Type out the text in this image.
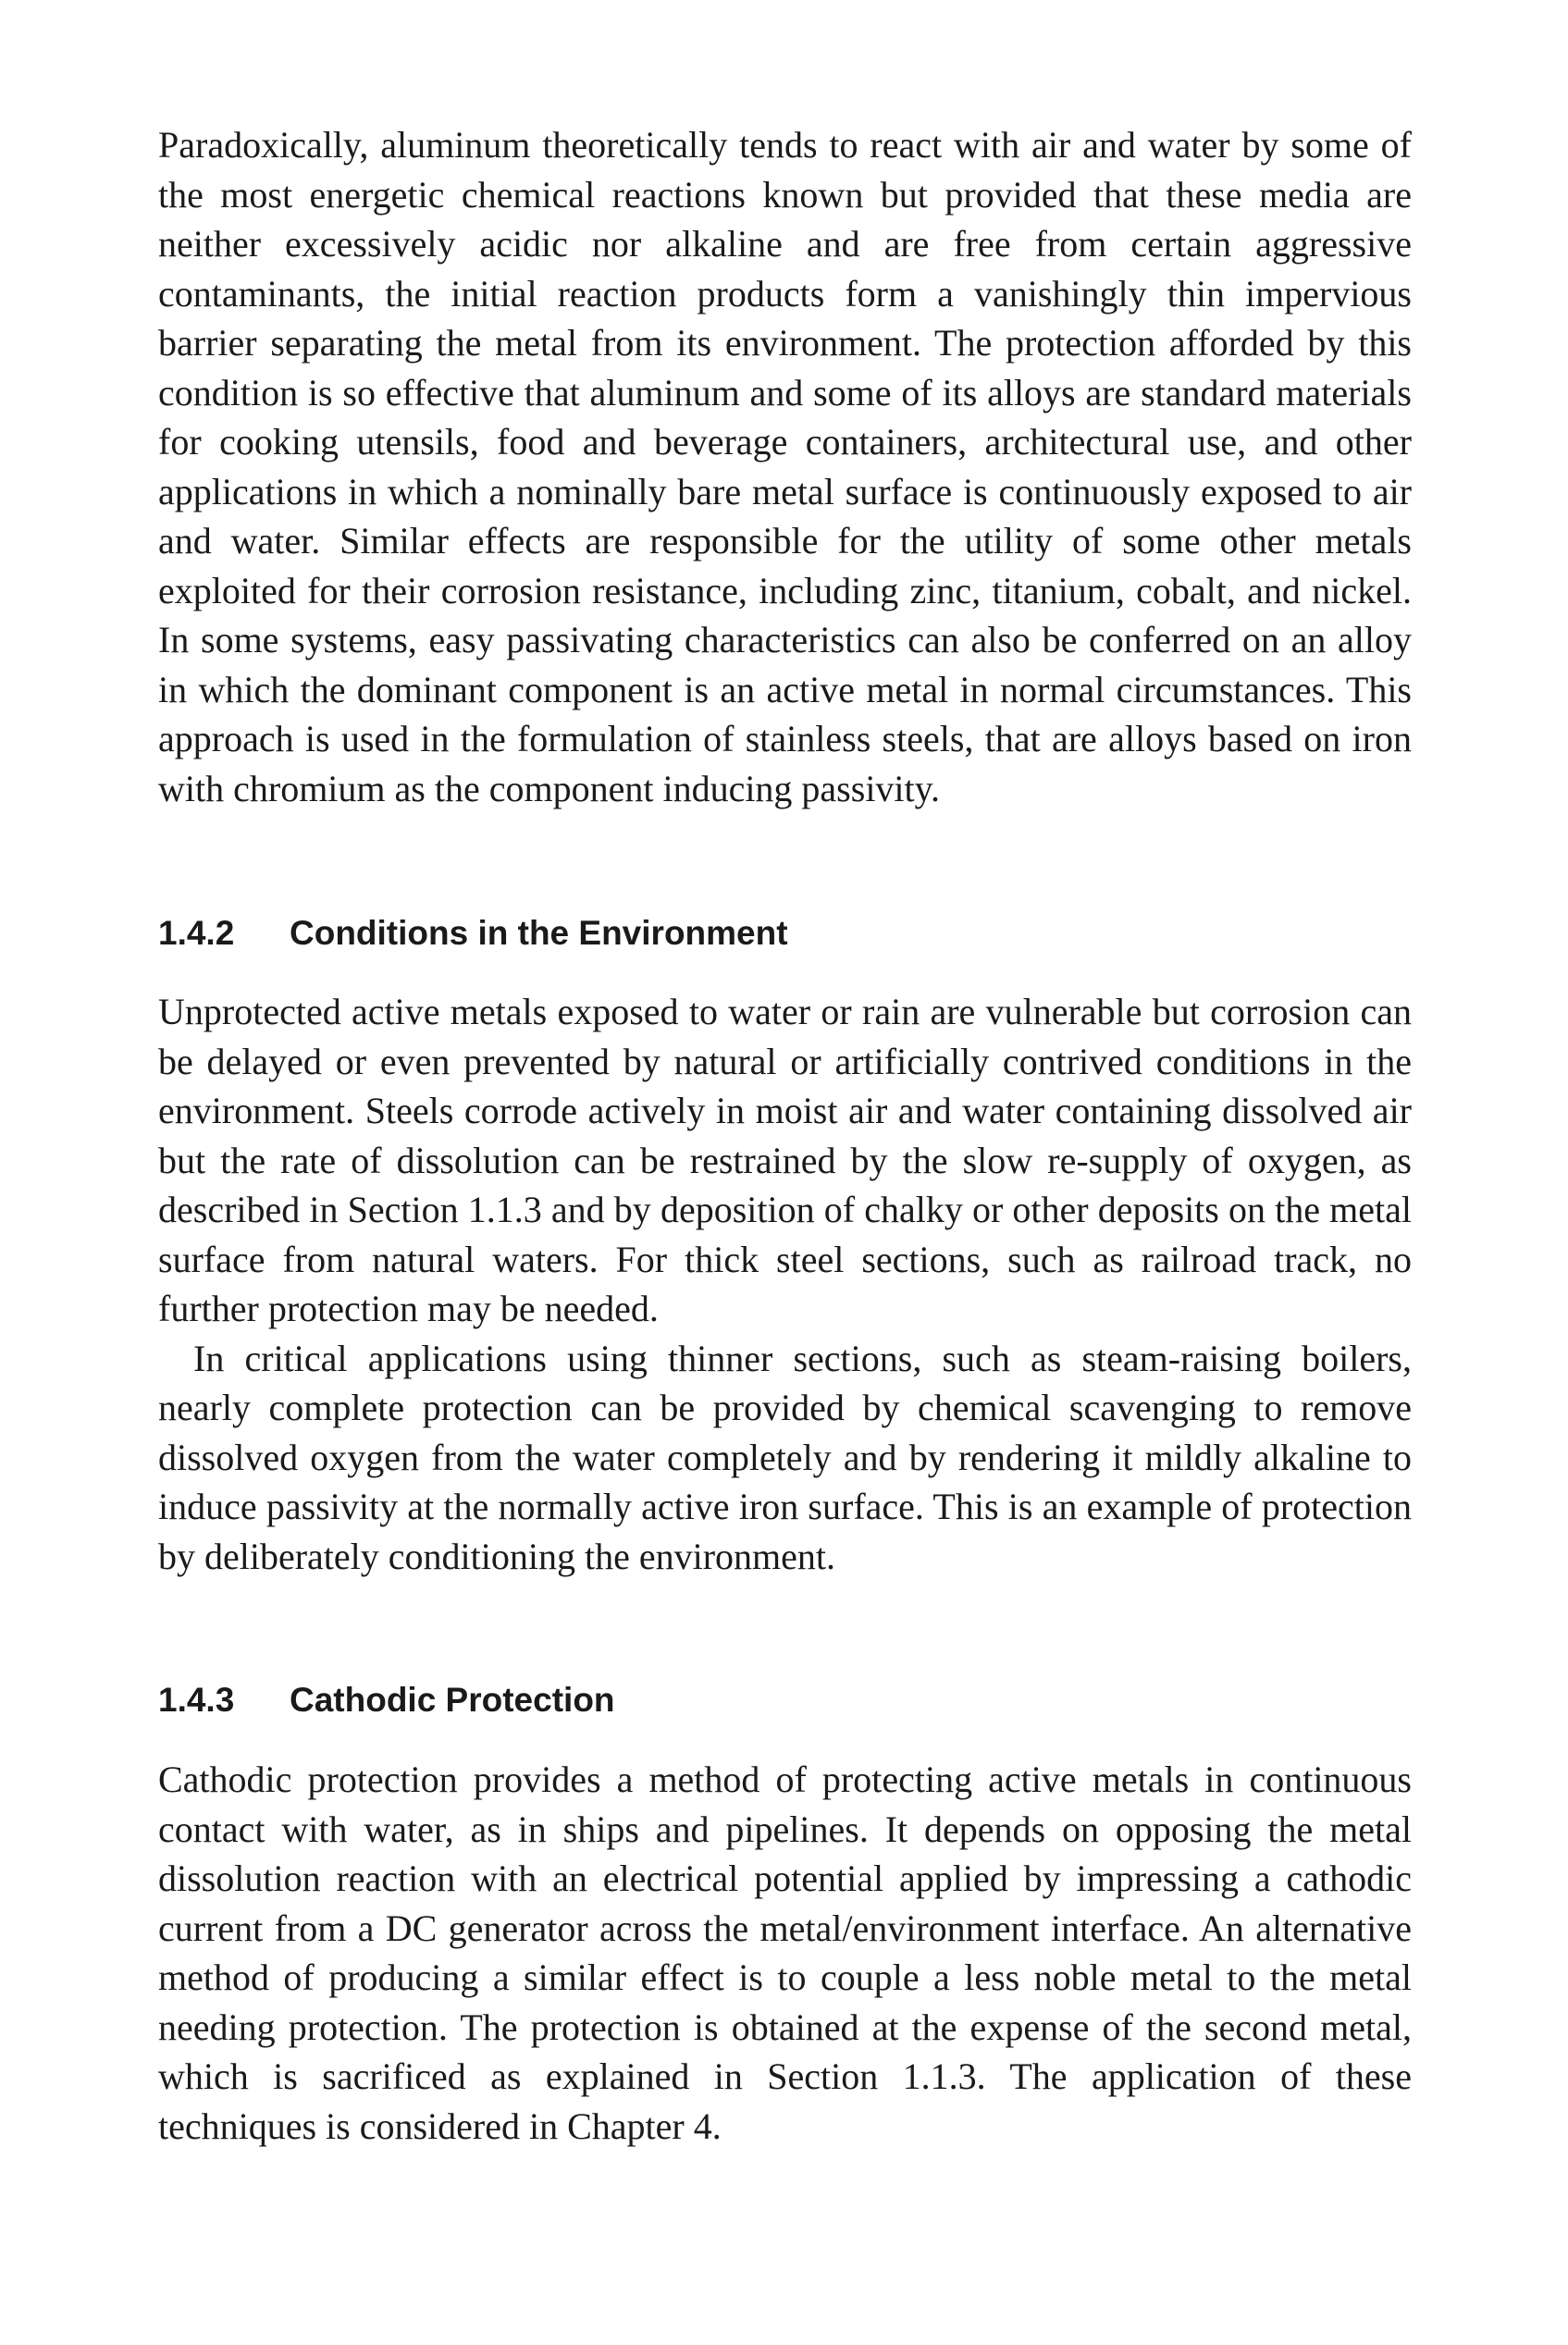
Paradoxically, aluminum theoretically tends to react with air and water by some of the most energetic chemical reactions known but provided that these media are neither excessively acidic nor alkaline and are free from certain aggressive contaminants, the initial reaction products form a vanishingly thin impervious barrier separating the metal from its environment. The protection afforded by this condition is so effective that aluminum and some of its alloys are standard materials for cooking utensils, food and beverage containers, architectural use, and other applications in which a nominally bare metal surface is continuously exposed to air and water. Similar effects are responsible for the utility of some other metals exploited for their corrosion resistance, including zinc, titanium, cobalt, and nickel. In some systems, easy passivating characteristics can also be conferred on an alloy in which the dominant component is an active metal in normal circumstances. This approach is used in the formulation of stainless steels, that are alloys based on iron with chromium as the component inducing passivity.

1.4.2	Conditions in the Environment

Unprotected active metals exposed to water or rain are vulnerable but corrosion can be delayed or even prevented by natural or artificially contrived conditions in the environment. Steels corrode actively in moist air and water containing dissolved air but the rate of dissolution can be restrained by the slow re-supply of oxygen, as described in Section 1.1.3 and by deposition of chalky or other deposits on the metal surface from natural waters. For thick steel sections, such as railroad track, no further protection may be needed.

In critical applications using thinner sections, such as steam-raising boilers, nearly complete protection can be provided by chemical scavenging to remove dissolved oxygen from the water completely and by rendering it mildly alkaline to induce passivity at the normally active iron surface. This is an example of protection by deliberately conditioning the environment.

1.4.3	Cathodic Protection

Cathodic protection provides a method of protecting active metals in continuous contact with water, as in ships and pipelines. It depends on opposing the metal dissolution reaction with an electrical potential applied by impressing a cathodic current from a DC generator across the metal/environment interface. An alternative method of producing a similar effect is to couple a less noble metal to the metal needing protection. The protection is obtained at the expense of the second metal, which is sacrificed as explained in Section 1.1.3. The application of these techniques is considered in Chapter 4.
